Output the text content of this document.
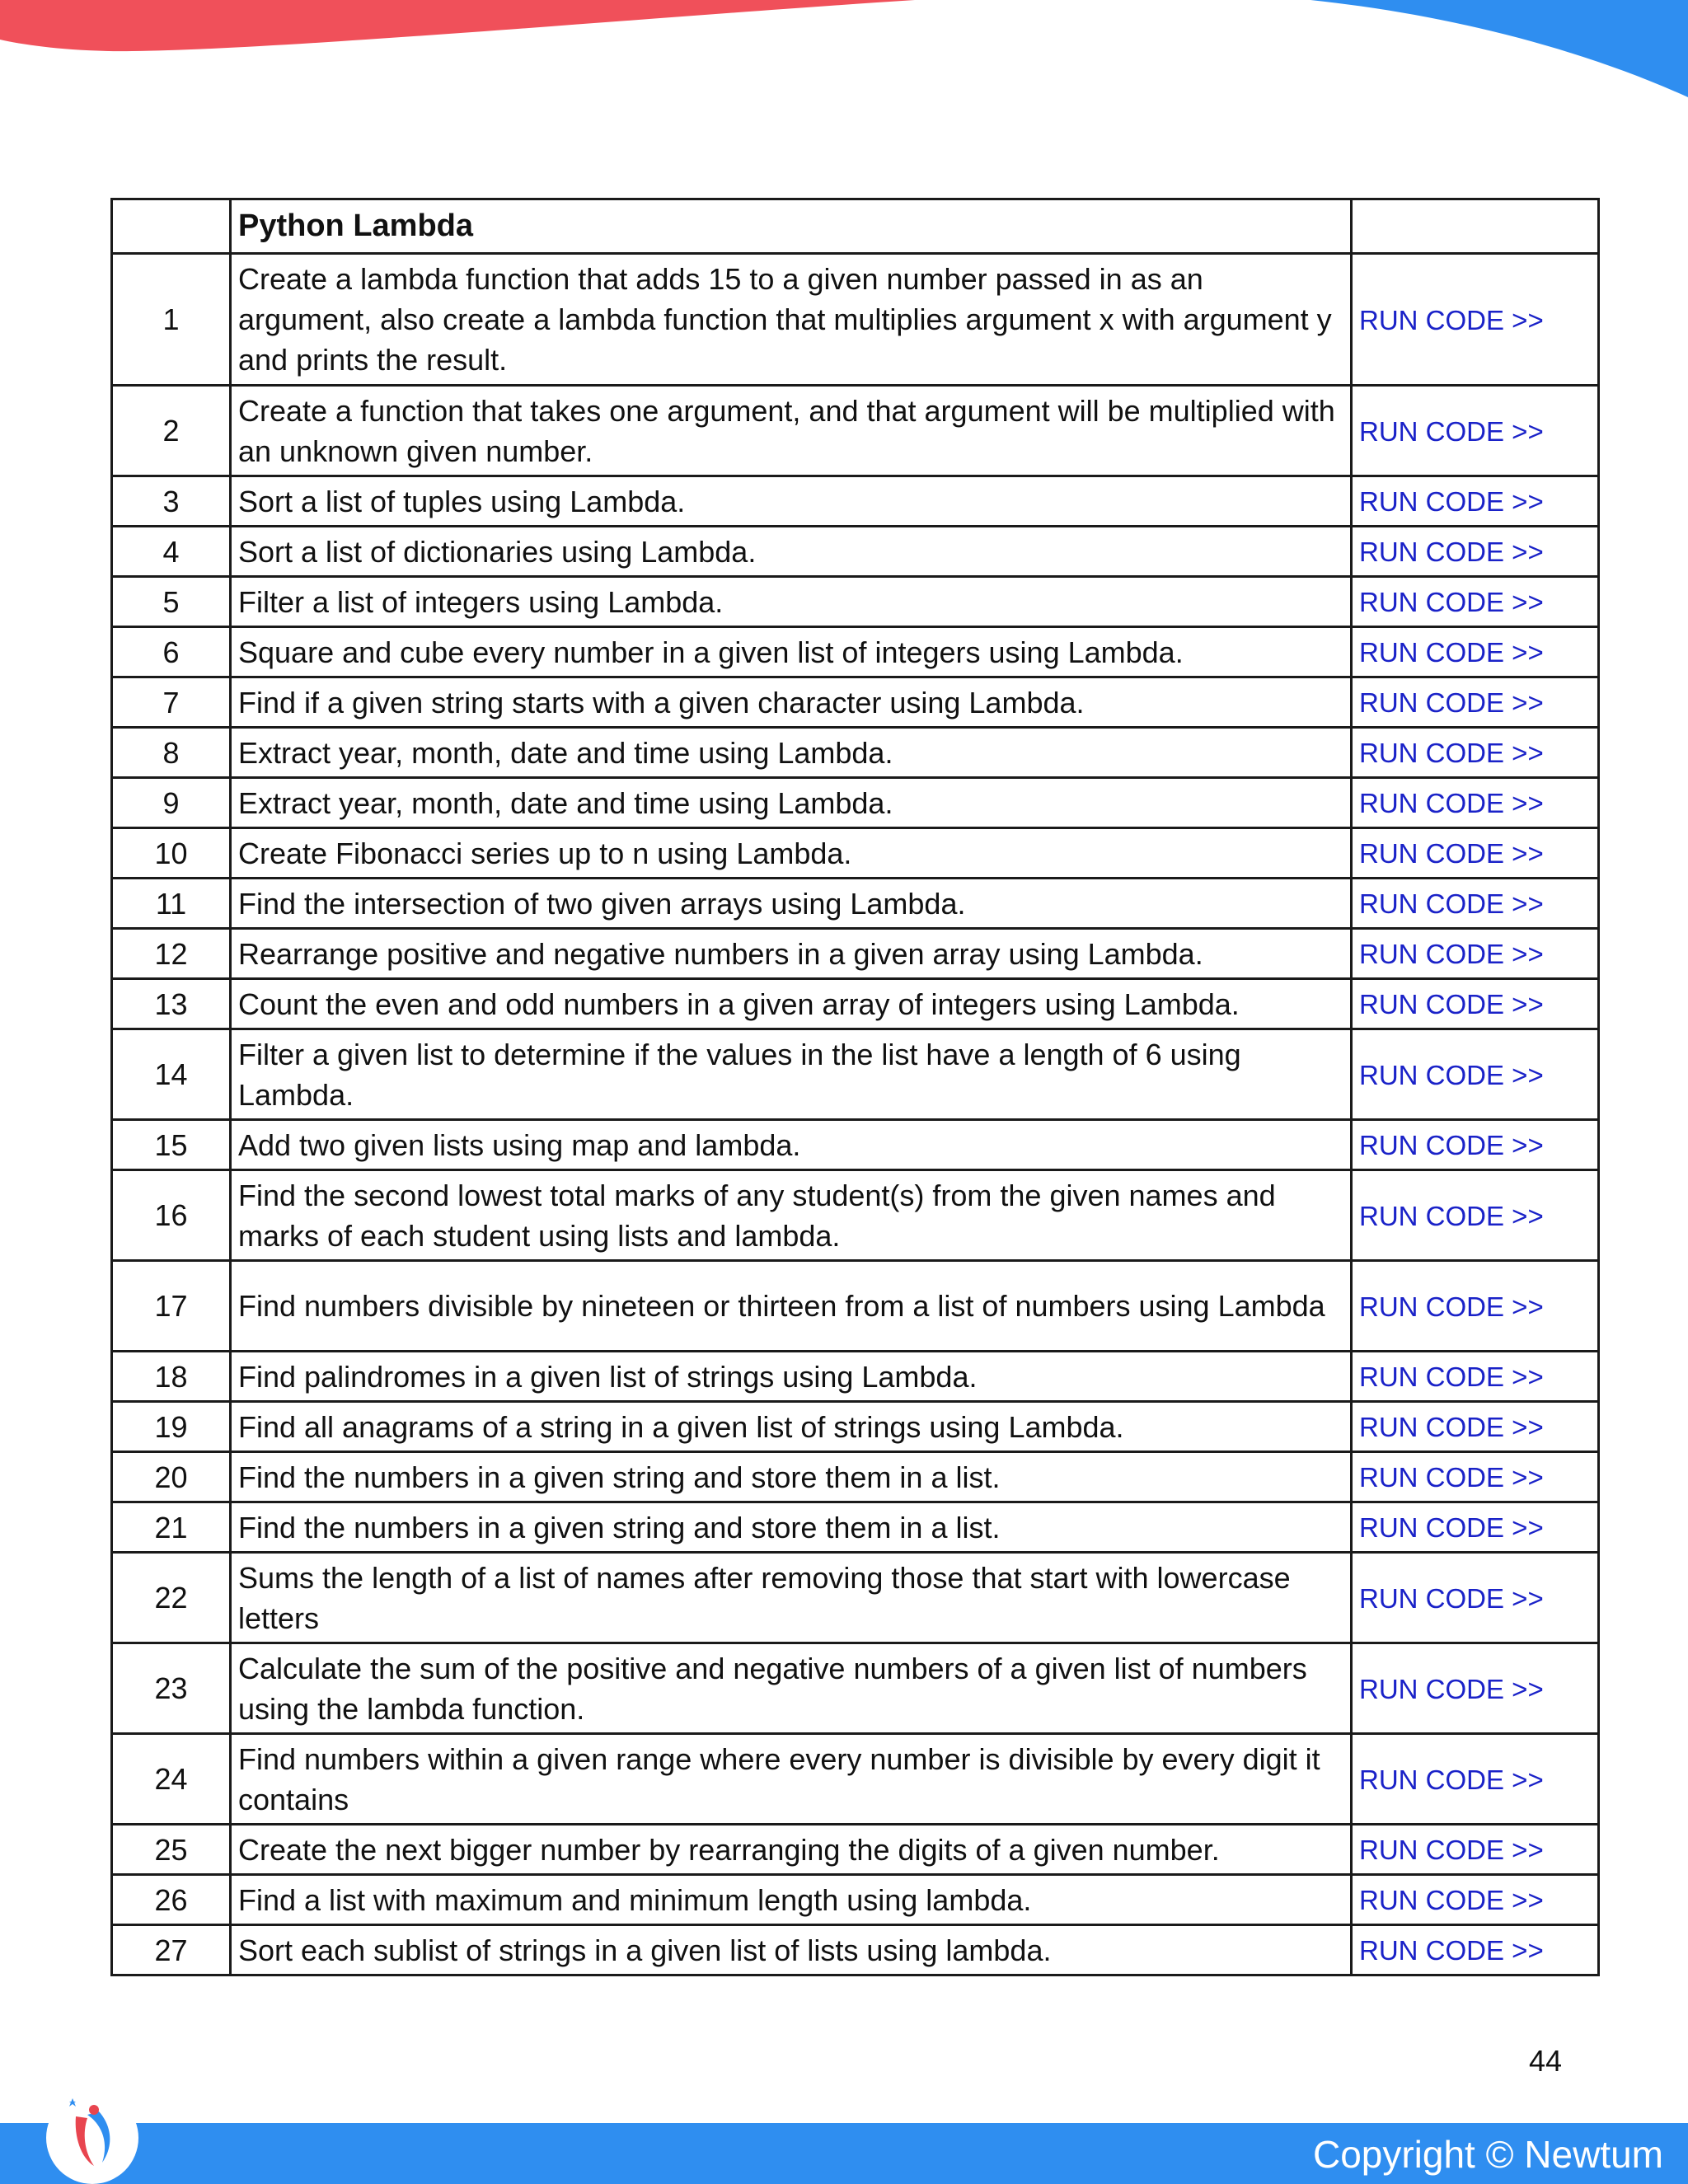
	Python Lambda	
1	Create a lambda function that adds 15 to a given number passed in as an argument, also create a lambda function that multiplies argument x with argument y and prints the result.	RUN CODE >>
2	Create a function that takes one argument, and that argument will be multiplied with an unknown given number.	RUN CODE >>
3	Sort a list of tuples using Lambda.	RUN CODE >>
4	Sort a list of dictionaries using Lambda.	RUN CODE >>
5	Filter a list of integers using Lambda.	RUN CODE >>
6	Square and cube every number in a given list of integers using Lambda.	RUN CODE >>
7	Find if a given string starts with a given character using Lambda.	RUN CODE >>
8	Extract year, month, date and time using Lambda.	RUN CODE >>
9	Extract year, month, date and time using Lambda.	RUN CODE >>
10	Create Fibonacci series up to n using Lambda.	RUN CODE >>
11	Find the intersection of two given arrays using Lambda.	RUN CODE >>
12	Rearrange positive and negative numbers in a given array using Lambda.	RUN CODE >>
13	Count the even and odd numbers in a given array of integers using Lambda.	RUN CODE >>
14	Filter a given list to determine if the values in the list have a length of 6 using Lambda.	RUN CODE >>
15	Add two given lists using map and lambda.	RUN CODE >>
16	Find the second lowest total marks of any student(s) from the given names and marks of each student using lists and lambda.	RUN CODE >>
17	Find numbers divisible by nineteen or thirteen from a list of numbers using Lambda	RUN CODE >>
18	Find palindromes in a given list of strings using Lambda.	RUN CODE >>
19	Find all anagrams of a string in a given list of strings using Lambda.	RUN CODE >>
20	Find the numbers in a given string and store them in a list.	RUN CODE >>
21	Find the numbers in a given string and store them in a list.	RUN CODE >>
22	Sums the length of a list of names after removing those that start with lowercase letters	RUN CODE >>
23	Calculate the sum of the positive and negative numbers of a given list of numbers using the lambda function.	RUN CODE >>
24	Find numbers within a given range where every number is divisible by every digit it contains	RUN CODE >>
25	Create the next bigger number by rearranging the digits of a given number.	RUN CODE >>
26	Find a list with maximum and minimum length using lambda.	RUN CODE >>
27	Sort each sublist of strings in a given list of lists using lambda.	RUN CODE >>
44
Copyright © Newtum
